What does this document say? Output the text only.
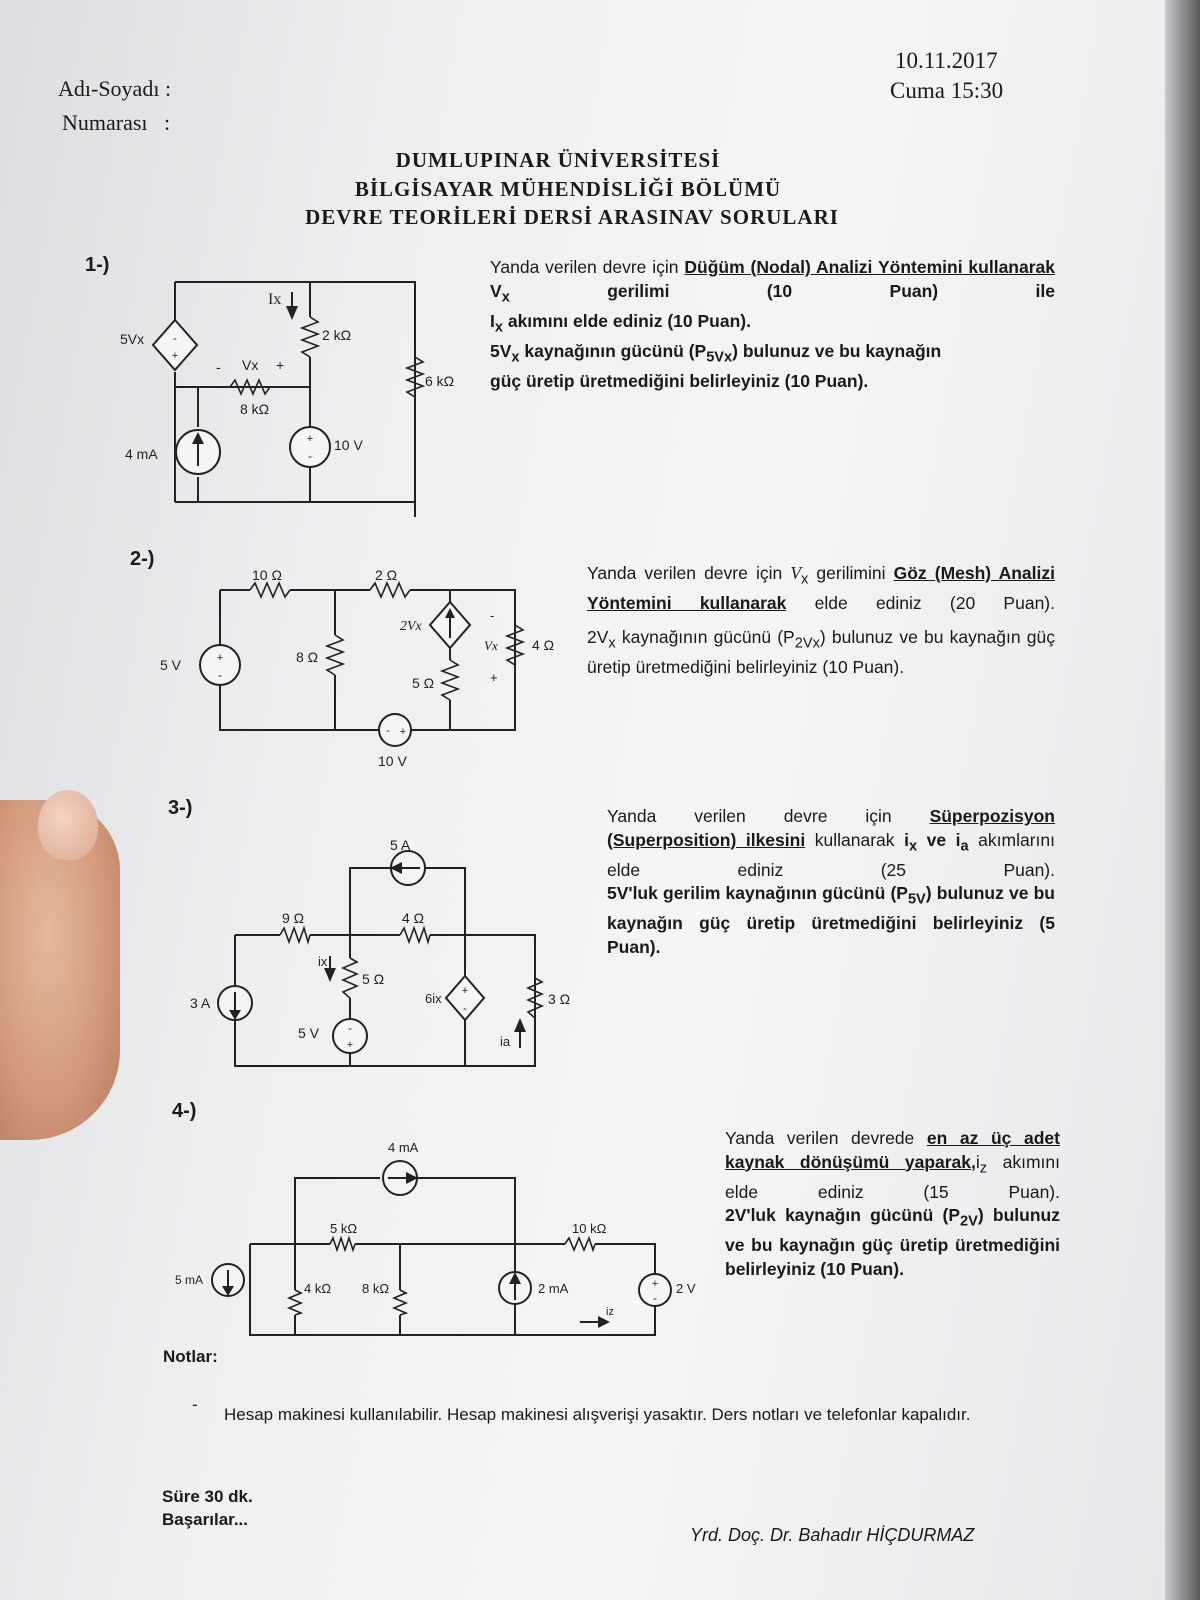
Adı-Soyadı :
Numarası   :
10.11.2017
Cuma 15:30
DUMLUPINAR ÜNİVERSİTESİ
BİLGİSAYAR MÜHENDİSLİĞİ BÖLÜMÜ
DEVRE TEORİLERİ DERSİ ARASINAV SORULARI
1-)	Yanda verilen devre için Düğüm (Nodal) Analizi Yöntemini kullanarak $V_x$ gerilimi (10 Puan) ile
$I_x$ akımını elde ediniz (10 Puan).
$5V_x$ kaynağının gücünü $(P_{5Vx})$ bulunuz ve bu kaynağın
güç üretip üretmediğini belirleyiniz (10 Puan).
-
+
+
-
5Vx
Ix
2 kΩ
- Vx +
8 kΩ
6 kΩ
4 mA
10 V
2-)
Yanda verilen devre için $V_x$ gerilimini Göz (Mesh) Analizi Yöntemini kullanarak elde ediniz (20 Puan).
$2V_x$ kaynağının gücünü $(P_{2Vx})$ bulunuz ve bu kaynağın güç üretip üretmediğini belirleyiniz (10 Puan).
+
-
- +
10 Ω	2 Ω
2Vx
-
Vx
+
4 Ω
5 V	8 Ω
5 Ω
10 V
3-)	Yanda verilen devre için Süperpozisyon (Superposition) ilkesini kullanarak $i_x$ ve $i_a$ akımlarını elde ediniz (25 Puan).
5V'luk gerilim kaynağının gücünü $(P_{5V})$ bulunuz ve bu kaynağın güç üretip üretmediğini belirleyiniz (5 Puan).
-
+
+
-
5 A
9 Ω	4 Ω
ix
5 Ω
3 A
5 V
6ix
ia
3 Ω
4-)
Yanda verilen devrede en az üç adet kaynak dönüşümü $yaparak,i_z$ akımını elde ediniz (15 Puan).
2V'luk kaynağın gücünü $(P_{2V})$ bulunuz ve bu kaynağın güç üretip üretmediğini belirleyiniz (10 Puan).
+
-
4 mA
5 kΩ	10 kΩ
5 mA
4 kΩ 8 kΩ	2 mA	2 V
iz
Notlar:
-
Hesap makinesi kullanılabilir. Hesap makinesi alışverişi yasaktır. Ders notları ve telefonlar kapalıdır.
Süre 30 dk.
Başarılar...
Yrd. Doç. Dr. Bahadır HİÇDURMAZ
